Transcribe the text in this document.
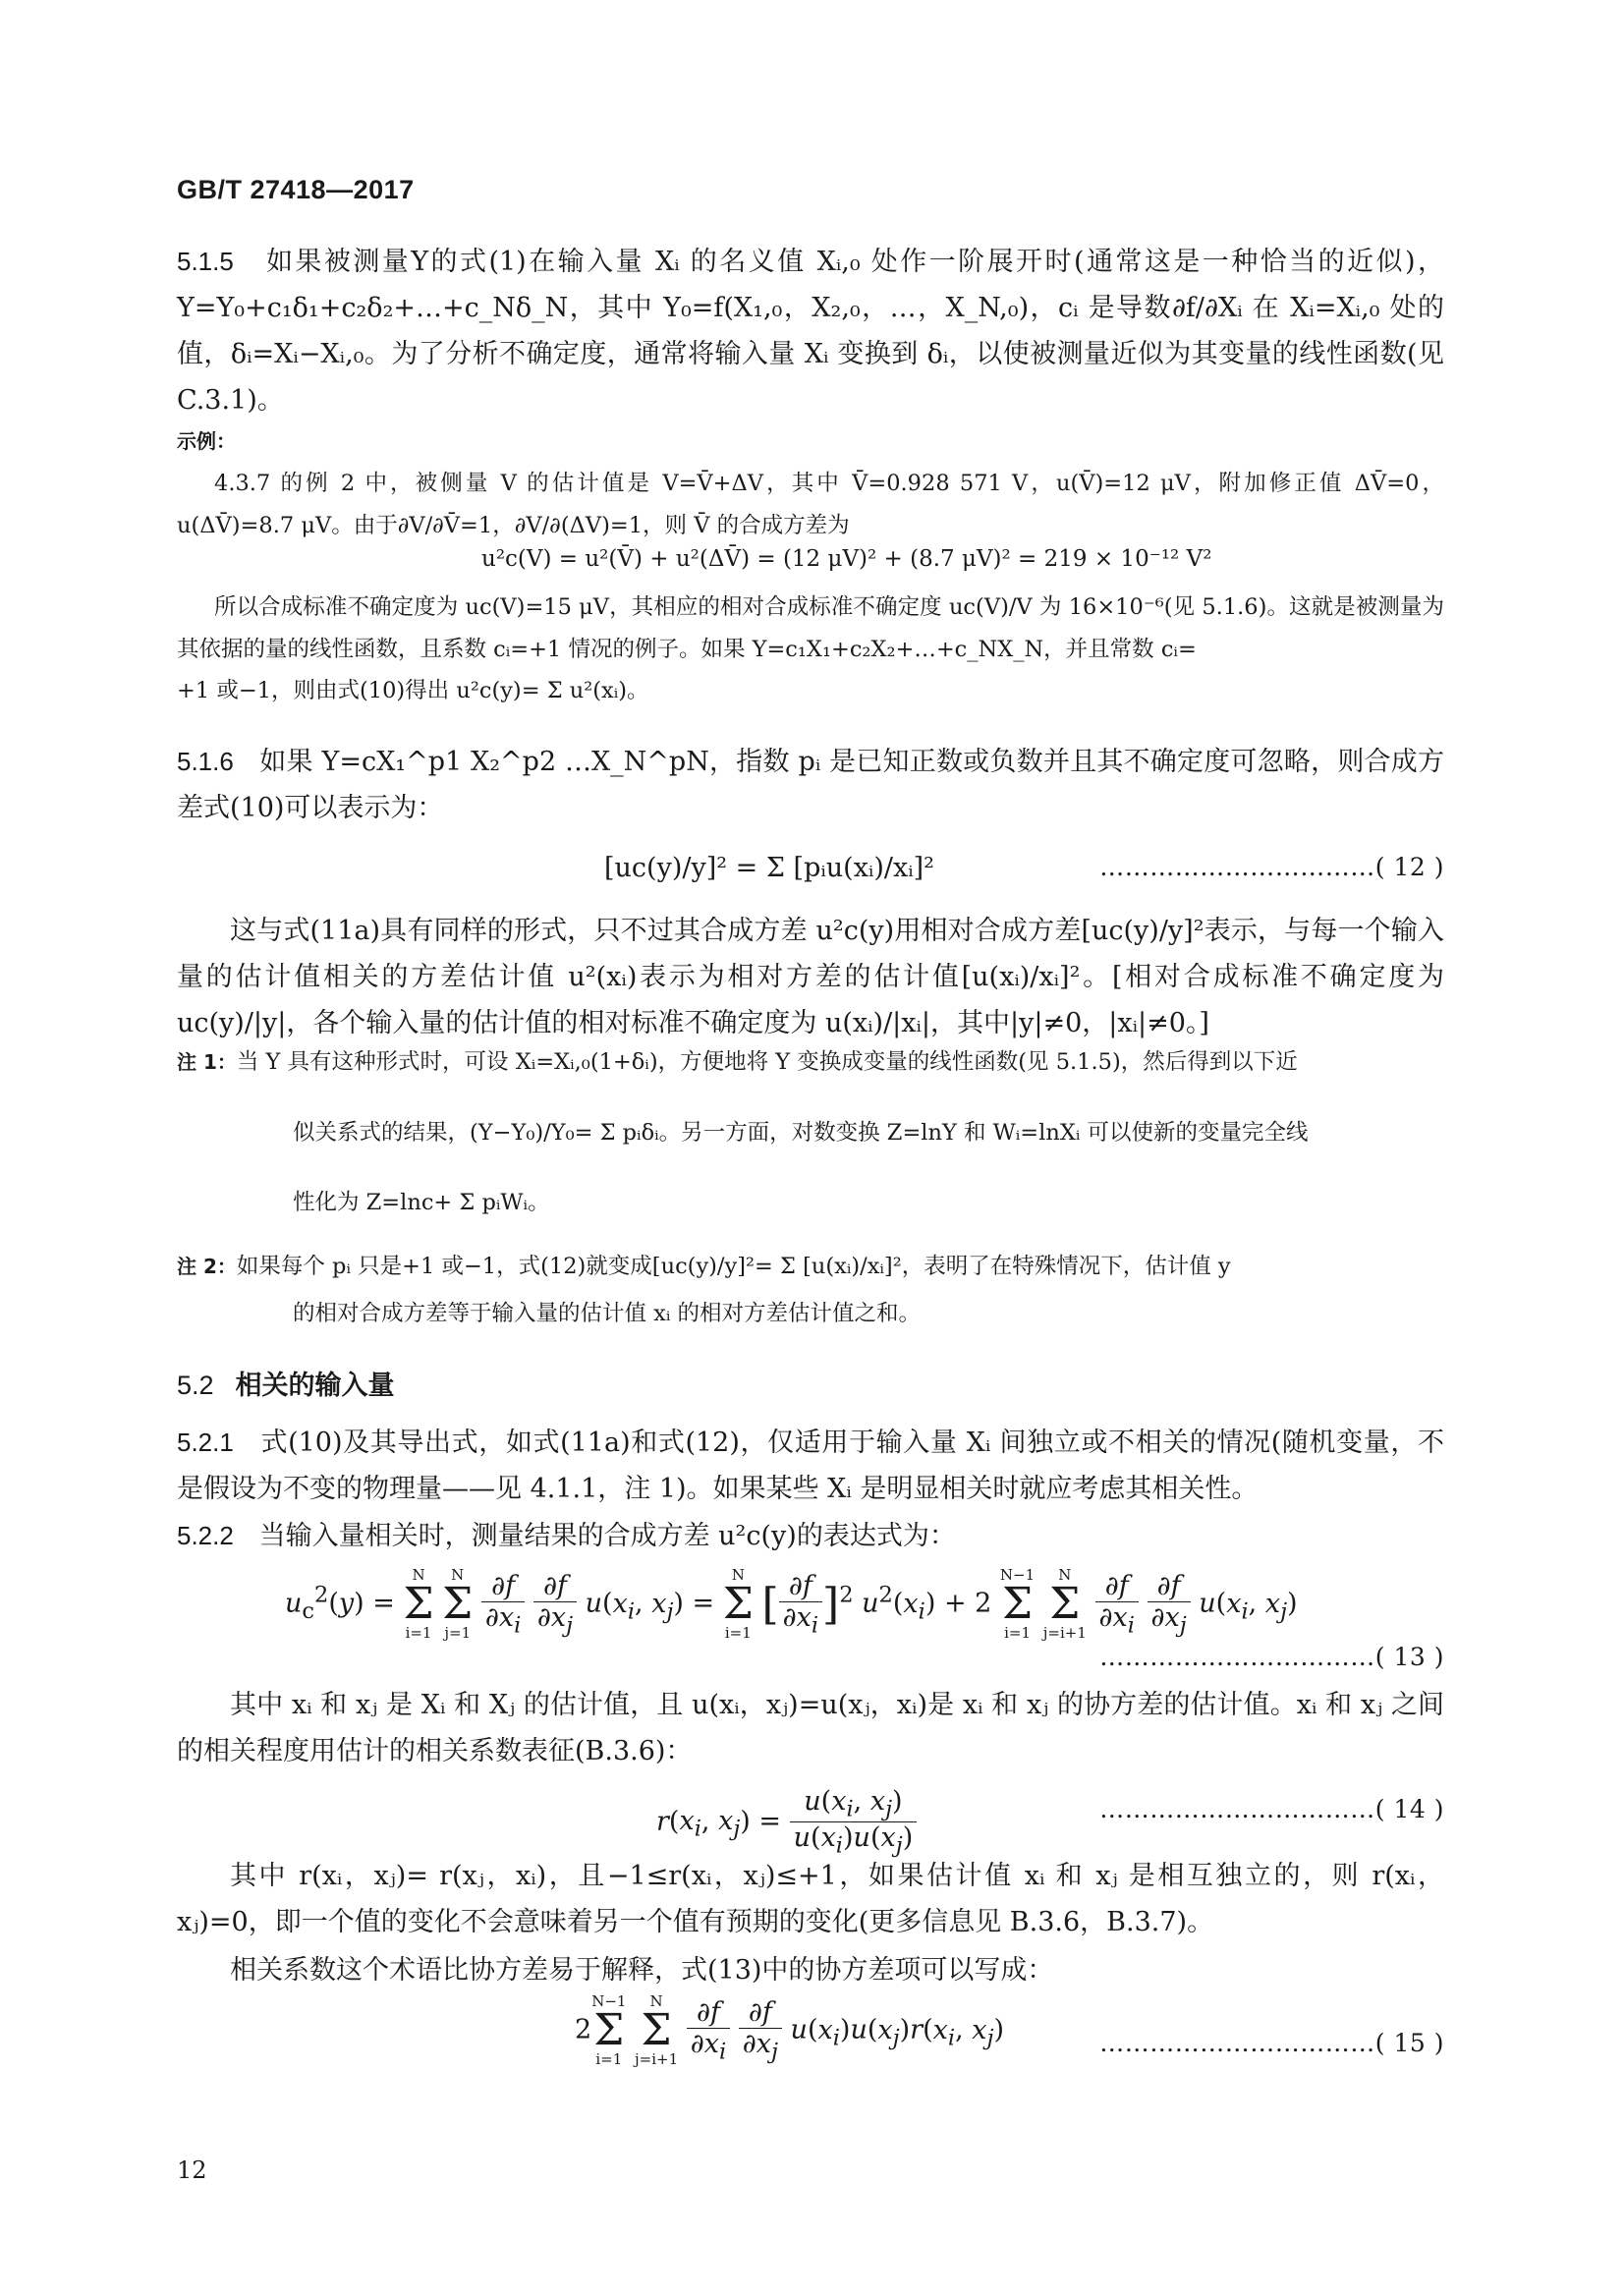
GB/T 27418—2017
5.1.5 如果被测量Y的式(1)在输入量 Xᵢ 的名义值 Xᵢ,₀ 处作一阶展开时(通常这是一种恰当的近似)，Y=Y₀+c₁δ₁+c₂δ₂+…+c_Nδ_N，其中 Y₀=f(X₁,₀，X₂,₀，…，X_N,₀)，cᵢ 是导数∂f/∂Xᵢ 在 Xᵢ=Xᵢ,₀ 处的值，δᵢ=Xᵢ−Xᵢ,₀。为了分析不确定度，通常将输入量 Xᵢ 变换到 δᵢ，以使被测量近似为其变量的线性函数(见 C.3.1)。
示例：
4.3.7 的例 2 中，被侧量 V 的估计值是 V=V̄+ΔV，其中 V̄=0.928 571 V，u(V̄)=12 μV，附加修正值 ΔV̄=0，u(ΔV̄)=8.7 μV。由于∂V/∂V̄=1，∂V/∂(ΔV)=1，则 V̄ 的合成方差为
u²c(V) = u²(V̄) + u²(ΔV̄) = (12 μV)² + (8.7 μV)² = 219 × 10⁻¹² V²
所以合成标准不确定度为 uc(V)=15 μV，其相应的相对合成标准不确定度 uc(V)/V 为 16×10⁻⁶(见 5.1.6)。这就是被测量为其依据的量的线性函数，且系数 cᵢ=+1 情况的例子。如果 Y=c₁X₁+c₂X₂+…+c_NX_N，并且常数 cᵢ=
+1 或−1，则由式(10)得出 u²c(y)= Σ u²(xᵢ)。
5.1.6 如果 Y=cX₁^p1 X₂^p2 …X_N^pN，指数 pᵢ 是已知正数或负数并且其不确定度可忽略，则合成方差式(10)可以表示为：
[uc(y)/y]² = Σ [pᵢu(xᵢ)/xᵢ]²	……………………………( 12 )
这与式(11a)具有同样的形式，只不过其合成方差 u²c(y)用相对合成方差[uc(y)/y]²表示，与每一个输入量的估计值相关的方差估计值 u²(xᵢ)表示为相对方差的估计值[u(xᵢ)/xᵢ]²。[相对合成标准不确定度为 uc(y)/|y|，各个输入量的估计值的相对标准不确定度为 u(xᵢ)/|xᵢ|，其中|y|≠0，|xᵢ|≠0。]
注 1：当 Y 具有这种形式时，可设 Xᵢ=Xᵢ,₀(1+δᵢ)，方便地将 Y 变换成变量的线性函数(见 5.1.5)，然后得到以下近
似关系式的结果，(Y−Y₀)/Y₀= Σ pᵢδᵢ。另一方面，对数变换 Z=lnY 和 Wᵢ=lnXᵢ 可以使新的变量完全线
性化为 Z=lnc+ Σ pᵢWᵢ。
注 2：如果每个 pᵢ 只是+1 或−1，式(12)就变成[uc(y)/y]²= Σ [u(xᵢ)/xᵢ]²，表明了在特殊情况下，估计值 y
的相对合成方差等于输入量的估计值 xᵢ 的相对方差估计值之和。
5.2 相关的输入量
5.2.1 式(10)及其导出式，如式(11a)和式(12)，仅适用于输入量 Xᵢ 间独立或不相关的情况(随机变量，不是假设为不变的物理量——见 4.1.1，注 1)。如果某些 Xᵢ 是明显相关时就应考虑其相关性。
5.2.2 当输入量相关时，测量结果的合成方差 u²c(y)的表达式为：
$u_c^2(y)$ =
N
Σ
i=1

N
Σ
j=1
$\frac{\partial f}{\partial x_i}$
$\frac{\partial f}{\partial x_j} u(x_i$, $x_j$) =
N
Σ
i=1
[ $\frac{\partial f}{\partial x_i} ]^2$ $u^2(x_i) + 2$
N−1
Σ
i=1

N
Σ
j=i+1
$\frac{\partial f}{\partial x_i}$
$\frac{\partial f}{\partial x_j} u(x_i$, $x_j$)
……………………………( 13 )
其中 xᵢ 和 xⱼ 是 Xᵢ 和 Xⱼ 的估计值，且 u(xᵢ，xⱼ)=u(xⱼ，xᵢ)是 xᵢ 和 xⱼ 的协方差的估计值。xᵢ 和 xⱼ 之间的相关程度用估计的相关系数表征(B.3.6)：
$r(x_i$, $x_j) = \frac{u(x_i, x_j)}{u(x_i)u(x_j)}$	……………………………( 14 )
其中 r(xᵢ，xⱼ)= r(xⱼ，xᵢ)，且−1≤r(xᵢ，xⱼ)≤+1，如果估计值 xᵢ 和 xⱼ 是相互独立的，则 r(xᵢ，xⱼ)=0，即一个值的变化不会意味着另一个值有预期的变化(更多信息见 B.3.6，B.3.7)。
相关系数这个术语比协方差易于解释，式(13)中的协方差项可以写成：
2
N−1
Σ
i=1

N
Σ
j=i+1
$\frac{\partial f}{\partial x_i}$
$\frac{\partial f}{\partial x_j} u(x_i)u(x_j)r(x_i$, $x_j$)	……………………………( 15 )
12
